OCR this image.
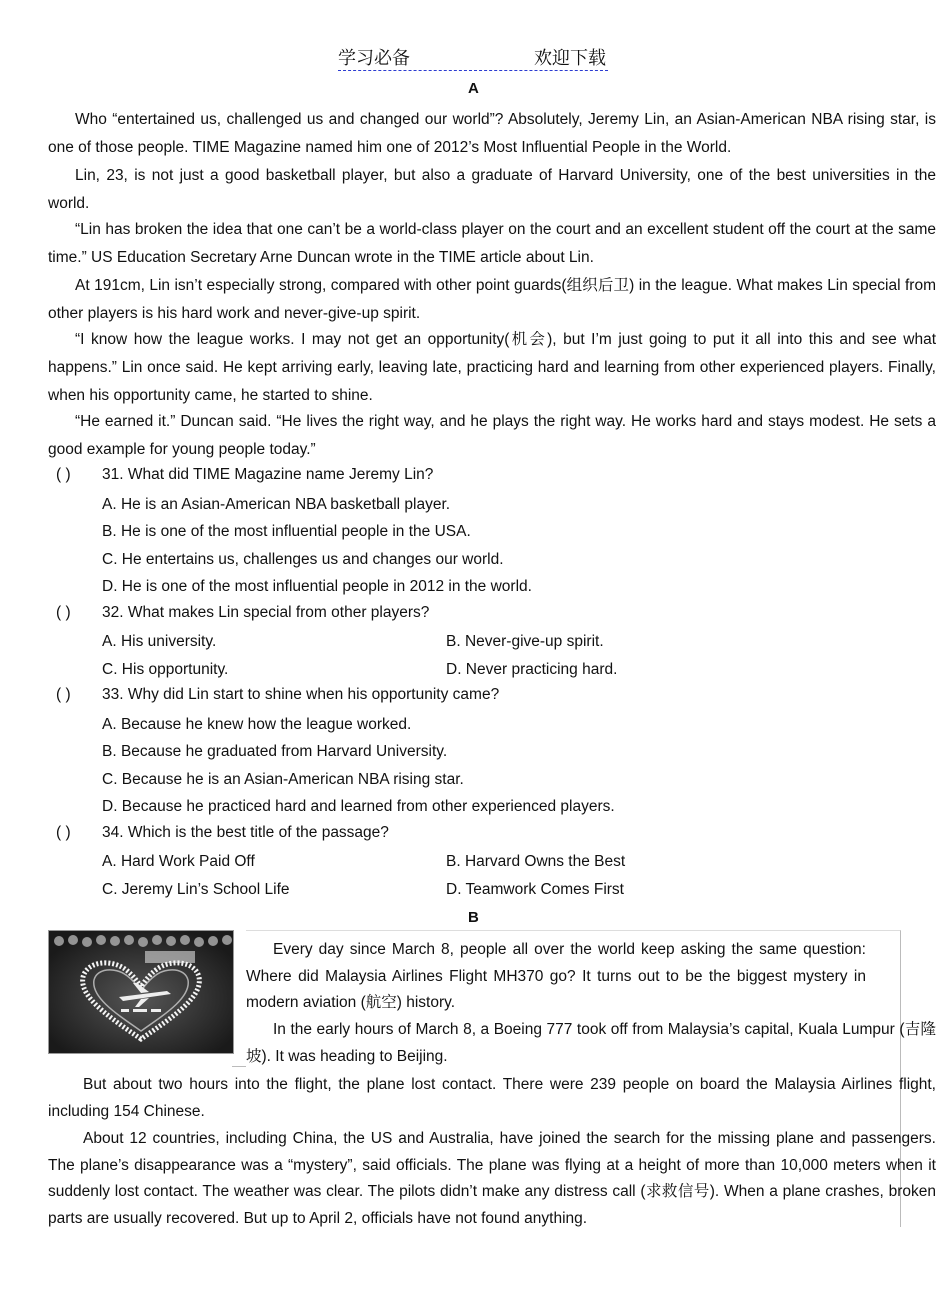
学习必备	欢迎下载
A
Who “entertained us, challenged us and changed our world”? Absolutely, Jeremy Lin, an Asian-American NBA rising star, is one of those people. TIME Magazine named him one of 2012’s Most Influential People in the World.
Lin, 23, is not just a good basketball player, but also a graduate of Harvard University, one of the best universities in the world.
“Lin has broken the idea that one can’t be a world-class player on the court and an excellent student off the court at the same time.” US Education Secretary Arne Duncan wrote in the TIME article about Lin.
At 191cm, Lin isn’t especially strong, compared with other point guards(组织后卫) in the league. What makes Lin special from other players is his hard work and never-give-up spirit.
“I know how the league works. I may not get an opportunity(机会), but I’m just going to put it all into this and see what happens.” Lin once said. He kept arriving early, leaving late, practicing hard and learning from other experienced players. Finally, when his opportunity came, he started to shine.
“He earned it.” Duncan said. “He lives the right way, and he plays the right way. He works hard and stays modest. He sets a good example for young people today.”
( ) 31. What did TIME Magazine name Jeremy Lin?
A. He is an Asian-American NBA basketball player.
B. He is one of the most influential people in the USA.
C. He entertains us, challenges us and changes our world.
D. He is one of the most influential people in 2012 in the world.
( ) 32. What makes Lin special from other players?
A. His university.	B. Never-give-up spirit.
C. His opportunity.	D. Never practicing hard.
( ) 33. Why did Lin start to shine when his opportunity came?
A. Because he knew how the league worked.
B. Because he graduated from Harvard University.
C. Because he is an Asian-American NBA rising star.
D. Because he practiced hard and learned from other experienced players.
( ) 34. Which is the best title of the passage?
A. Hard Work Paid Off	B. Harvard Owns the Best
C. Jeremy Lin’s School Life	D. Teamwork Comes First
B
Every day since March 8, people all over the world keep asking the same question: Where did Malaysia Airlines Flight MH370 go? It turns out to be the biggest mystery in modern aviation (航空) history.
In the early hours of March 8, a Boeing 777 took off from Malaysia’s capital, Kuala Lumpur (吉隆坡). It was heading to Beijing.
But about two hours into the flight, the plane lost contact. There were 239 people on board the Malaysia Airlines flight, including 154 Chinese.
About 12 countries, including China, the US and Australia, have joined the search for the missing plane and passengers. The plane’s disappearance was a “mystery”, said officials. The plane was flying at a height of more than 10,000 meters when it suddenly lost contact. The weather was clear. The pilots didn’t make any distress call (求救信号). When a plane crashes, broken parts are usually recovered. But up to April 2, officials have not found anything.
